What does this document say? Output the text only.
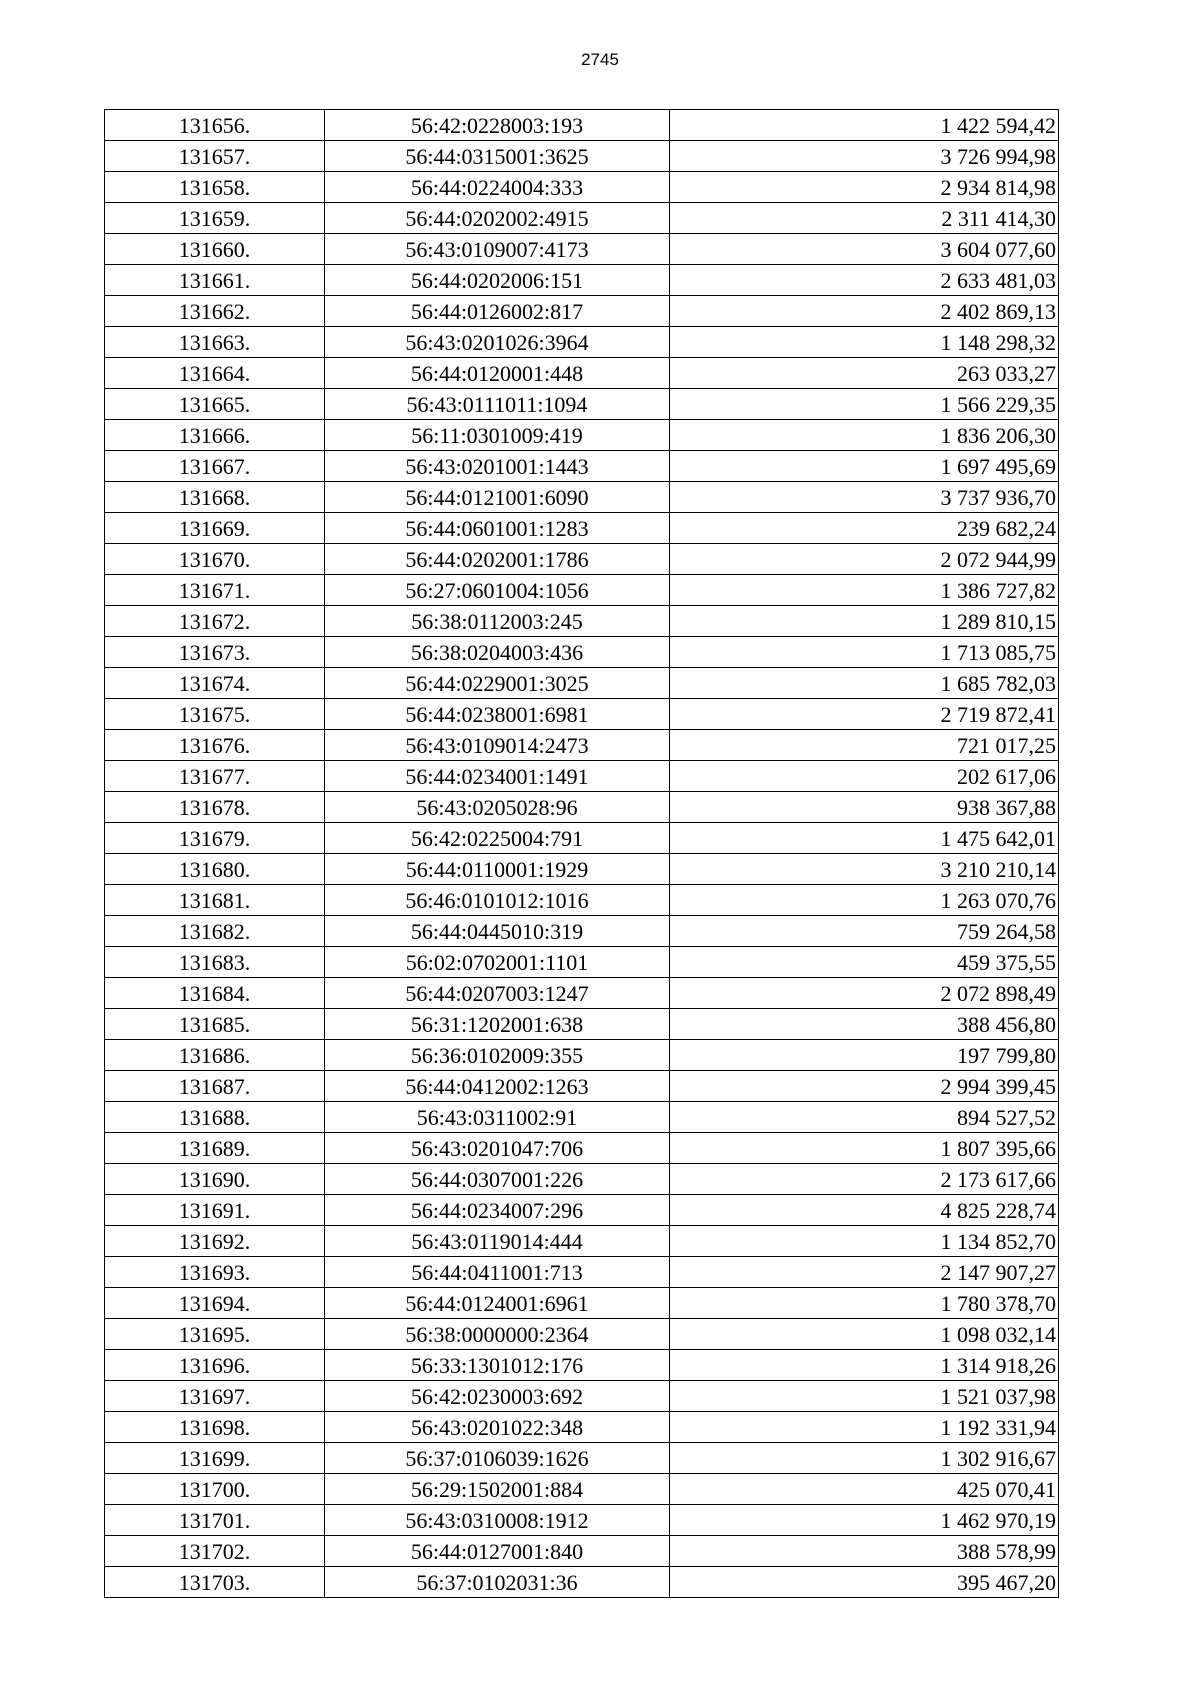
2745
131656.	56:42:0228003:193	1 422 594,42
131657.	56:44:0315001:3625	3 726 994,98
131658.	56:44:0224004:333	2 934 814,98
131659.	56:44:0202002:4915	2 311 414,30
131660.	56:43:0109007:4173	3 604 077,60
131661.	56:44:0202006:151	2 633 481,03
131662.	56:44:0126002:817	2 402 869,13
131663.	56:43:0201026:3964	1 148 298,32
131664.	56:44:0120001:448	263 033,27
131665.	56:43:0111011:1094	1 566 229,35
131666.	56:11:0301009:419	1 836 206,30
131667.	56:43:0201001:1443	1 697 495,69
131668.	56:44:0121001:6090	3 737 936,70
131669.	56:44:0601001:1283	239 682,24
131670.	56:44:0202001:1786	2 072 944,99
131671.	56:27:0601004:1056	1 386 727,82
131672.	56:38:0112003:245	1 289 810,15
131673.	56:38:0204003:436	1 713 085,75
131674.	56:44:0229001:3025	1 685 782,03
131675.	56:44:0238001:6981	2 719 872,41
131676.	56:43:0109014:2473	721 017,25
131677.	56:44:0234001:1491	202 617,06
131678.	56:43:0205028:96	938 367,88
131679.	56:42:0225004:791	1 475 642,01
131680.	56:44:0110001:1929	3 210 210,14
131681.	56:46:0101012:1016	1 263 070,76
131682.	56:44:0445010:319	759 264,58
131683.	56:02:0702001:1101	459 375,55
131684.	56:44:0207003:1247	2 072 898,49
131685.	56:31:1202001:638	388 456,80
131686.	56:36:0102009:355	197 799,80
131687.	56:44:0412002:1263	2 994 399,45
131688.	56:43:0311002:91	894 527,52
131689.	56:43:0201047:706	1 807 395,66
131690.	56:44:0307001:226	2 173 617,66
131691.	56:44:0234007:296	4 825 228,74
131692.	56:43:0119014:444	1 134 852,70
131693.	56:44:0411001:713	2 147 907,27
131694.	56:44:0124001:6961	1 780 378,70
131695.	56:38:0000000:2364	1 098 032,14
131696.	56:33:1301012:176	1 314 918,26
131697.	56:42:0230003:692	1 521 037,98
131698.	56:43:0201022:348	1 192 331,94
131699.	56:37:0106039:1626	1 302 916,67
131700.	56:29:1502001:884	425 070,41
131701.	56:43:0310008:1912	1 462 970,19
131702.	56:44:0127001:840	388 578,99
131703.	56:37:0102031:36	395 467,20
